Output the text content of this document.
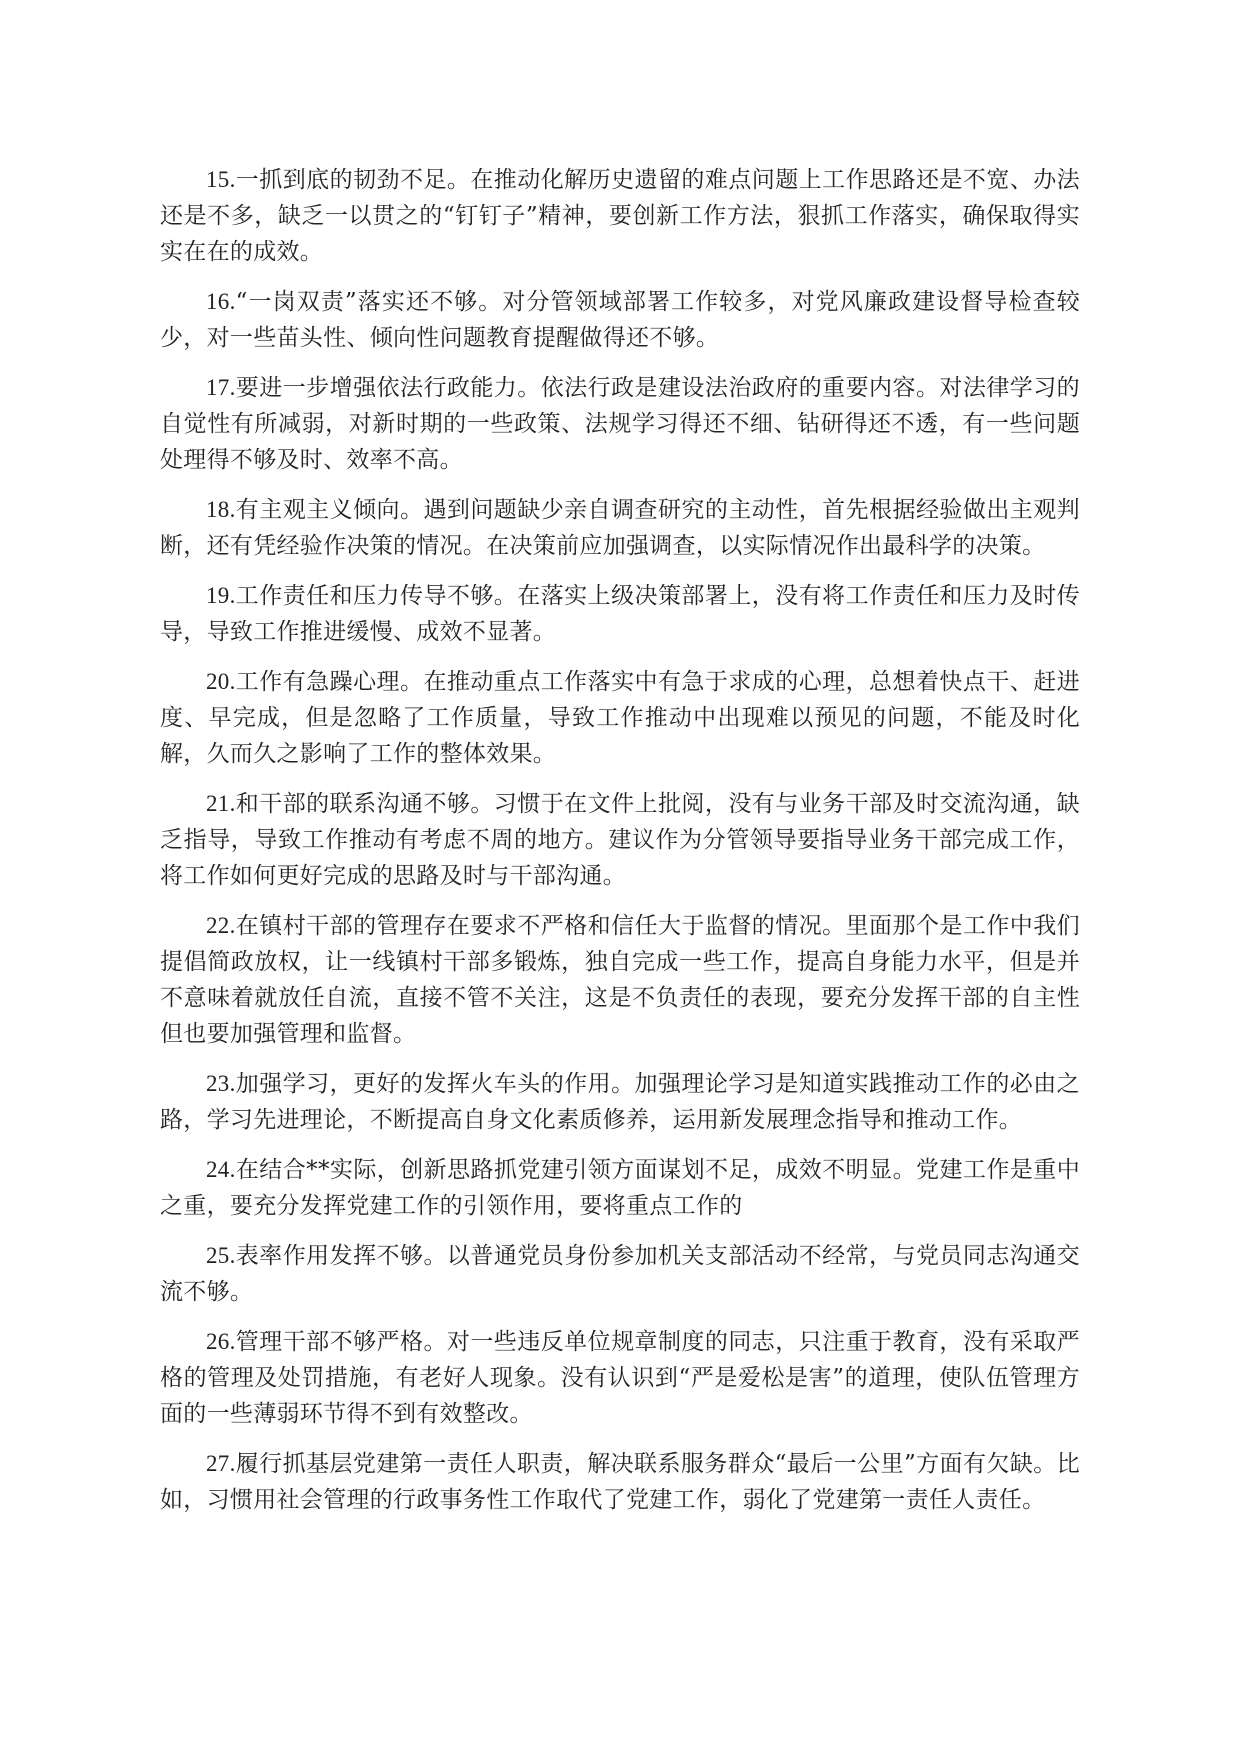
15.一抓到底的韧劲不足。在推动化解历史遗留的难点问题上工作思路还是不宽、办法还是不多，缺乏一以贯之的“钉钉子”精神，要创新工作方法，狠抓工作落实，确保取得实实在在的成效。

16.“一岗双责”落实还不够。对分管领域部署工作较多，对党风廉政建设督导检查较少，对一些苗头性、倾向性问题教育提醒做得还不够。

17.要进一步增强依法行政能力。依法行政是建设法治政府的重要内容。对法律学习的自觉性有所减弱，对新时期的一些政策、法规学习得还不细、钻研得还不透，有一些问题处理得不够及时、效率不高。

18.有主观主义倾向。遇到问题缺少亲自调查研究的主动性，首先根据经验做出主观判断，还有凭经验作决策的情况。在决策前应加强调查，以实际情况作出最科学的决策。

19.工作责任和压力传导不够。在落实上级决策部署上，没有将工作责任和压力及时传导，导致工作推进缓慢、成效不显著。

20.工作有急躁心理。在推动重点工作落实中有急于求成的心理，总想着快点干、赶进度、早完成，但是忽略了工作质量，导致工作推动中出现难以预见的问题，不能及时化解，久而久之影响了工作的整体效果。

21.和干部的联系沟通不够。习惯于在文件上批阅，没有与业务干部及时交流沟通，缺乏指导，导致工作推动有考虑不周的地方。建议作为分管领导要指导业务干部完成工作，将工作如何更好完成的思路及时与干部沟通。

22.在镇村干部的管理存在要求不严格和信任大于监督的情况。里面那个是工作中我们提倡简政放权，让一线镇村干部多锻炼，独自完成一些工作，提高自身能力水平，但是并不意味着就放任自流，直接不管不关注，这是不负责任的表现，要充分发挥干部的自主性但也要加强管理和监督。

23.加强学习，更好的发挥火车头的作用。加强理论学习是知道实践推动工作的必由之路，学习先进理论，不断提高自身文化素质修养，运用新发展理念指导和推动工作。

24.在结合**实际，创新思路抓党建引领方面谋划不足，成效不明显。党建工作是重中之重，要充分发挥党建工作的引领作用，要将重点工作的

25.表率作用发挥不够。以普通党员身份参加机关支部活动不经常，与党员同志沟通交流不够。

26.管理干部不够严格。对一些违反单位规章制度的同志，只注重于教育，没有采取严格的管理及处罚措施，有老好人现象。没有认识到“严是爱松是害”的道理，使队伍管理方面的一些薄弱环节得不到有效整改。

27.履行抓基层党建第一责任人职责，解决联系服务群众“最后一公里”方面有欠缺。比如，习惯用社会管理的行政事务性工作取代了党建工作，弱化了党建第一责任人责任。
